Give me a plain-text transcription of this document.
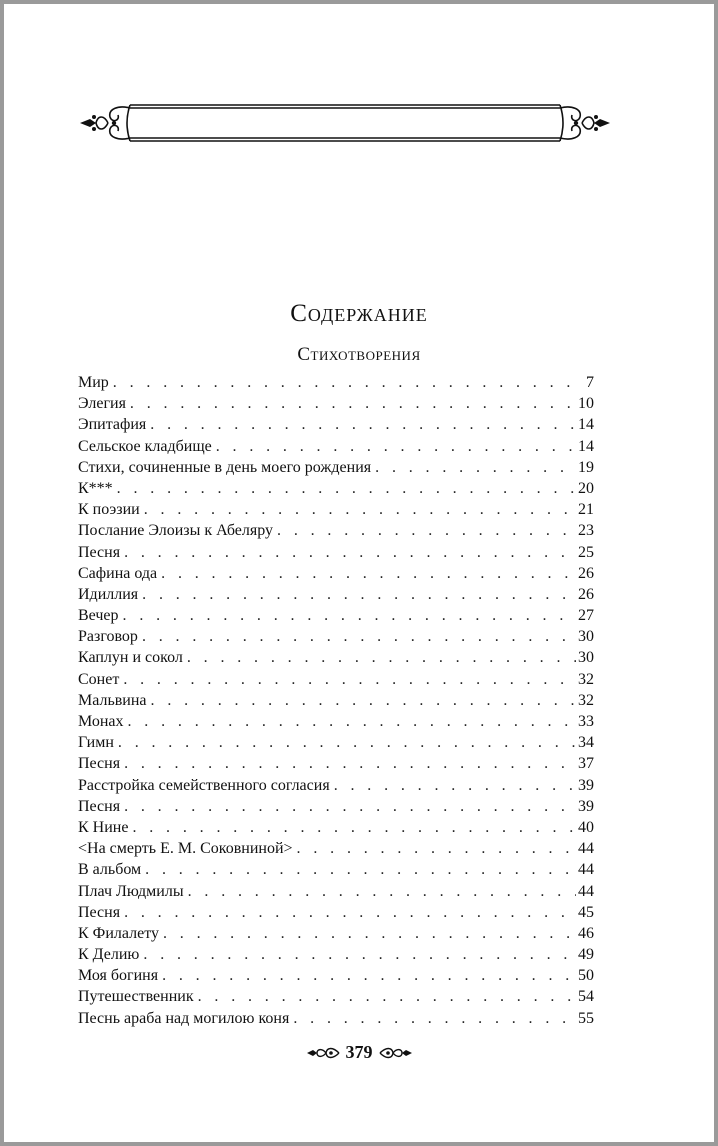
Содержание
Стихотворения
Мир . . .	7
Элегия . . .	10
Эпитафия . . .	14
Сельское кладбище . . .	14
Стихи, сочиненные в день моего рождения . . .	19
К*** . . .	20
К поэзии . . .	21
Послание Элоизы к Абеляру . . .	23
Песня . . .	25
Сафина ода . . .	26
Идиллия . . .	26
Вечер . . .	27
Разговор . . .	30
Каплун и сокол . . .	30
Сонет . . .	32
Мальвина . . .	32
Монах . . .	33
Гимн . . .	34
Песня . . .	37
Расстройка семейственного согласия . . .	39
Песня . . .	39
К Нине . . .	40
<На смерть Е. М. Соковниной> . . .	44
В альбом . . .	44
Плач Людмилы . . .	44
Песня . . .	45
К Филалету . . .	46
К Делию . . .	49
Моя богиня . . .	50
Путешественник . . .	54
Песнь араба над могилою коня . . .	55
379
